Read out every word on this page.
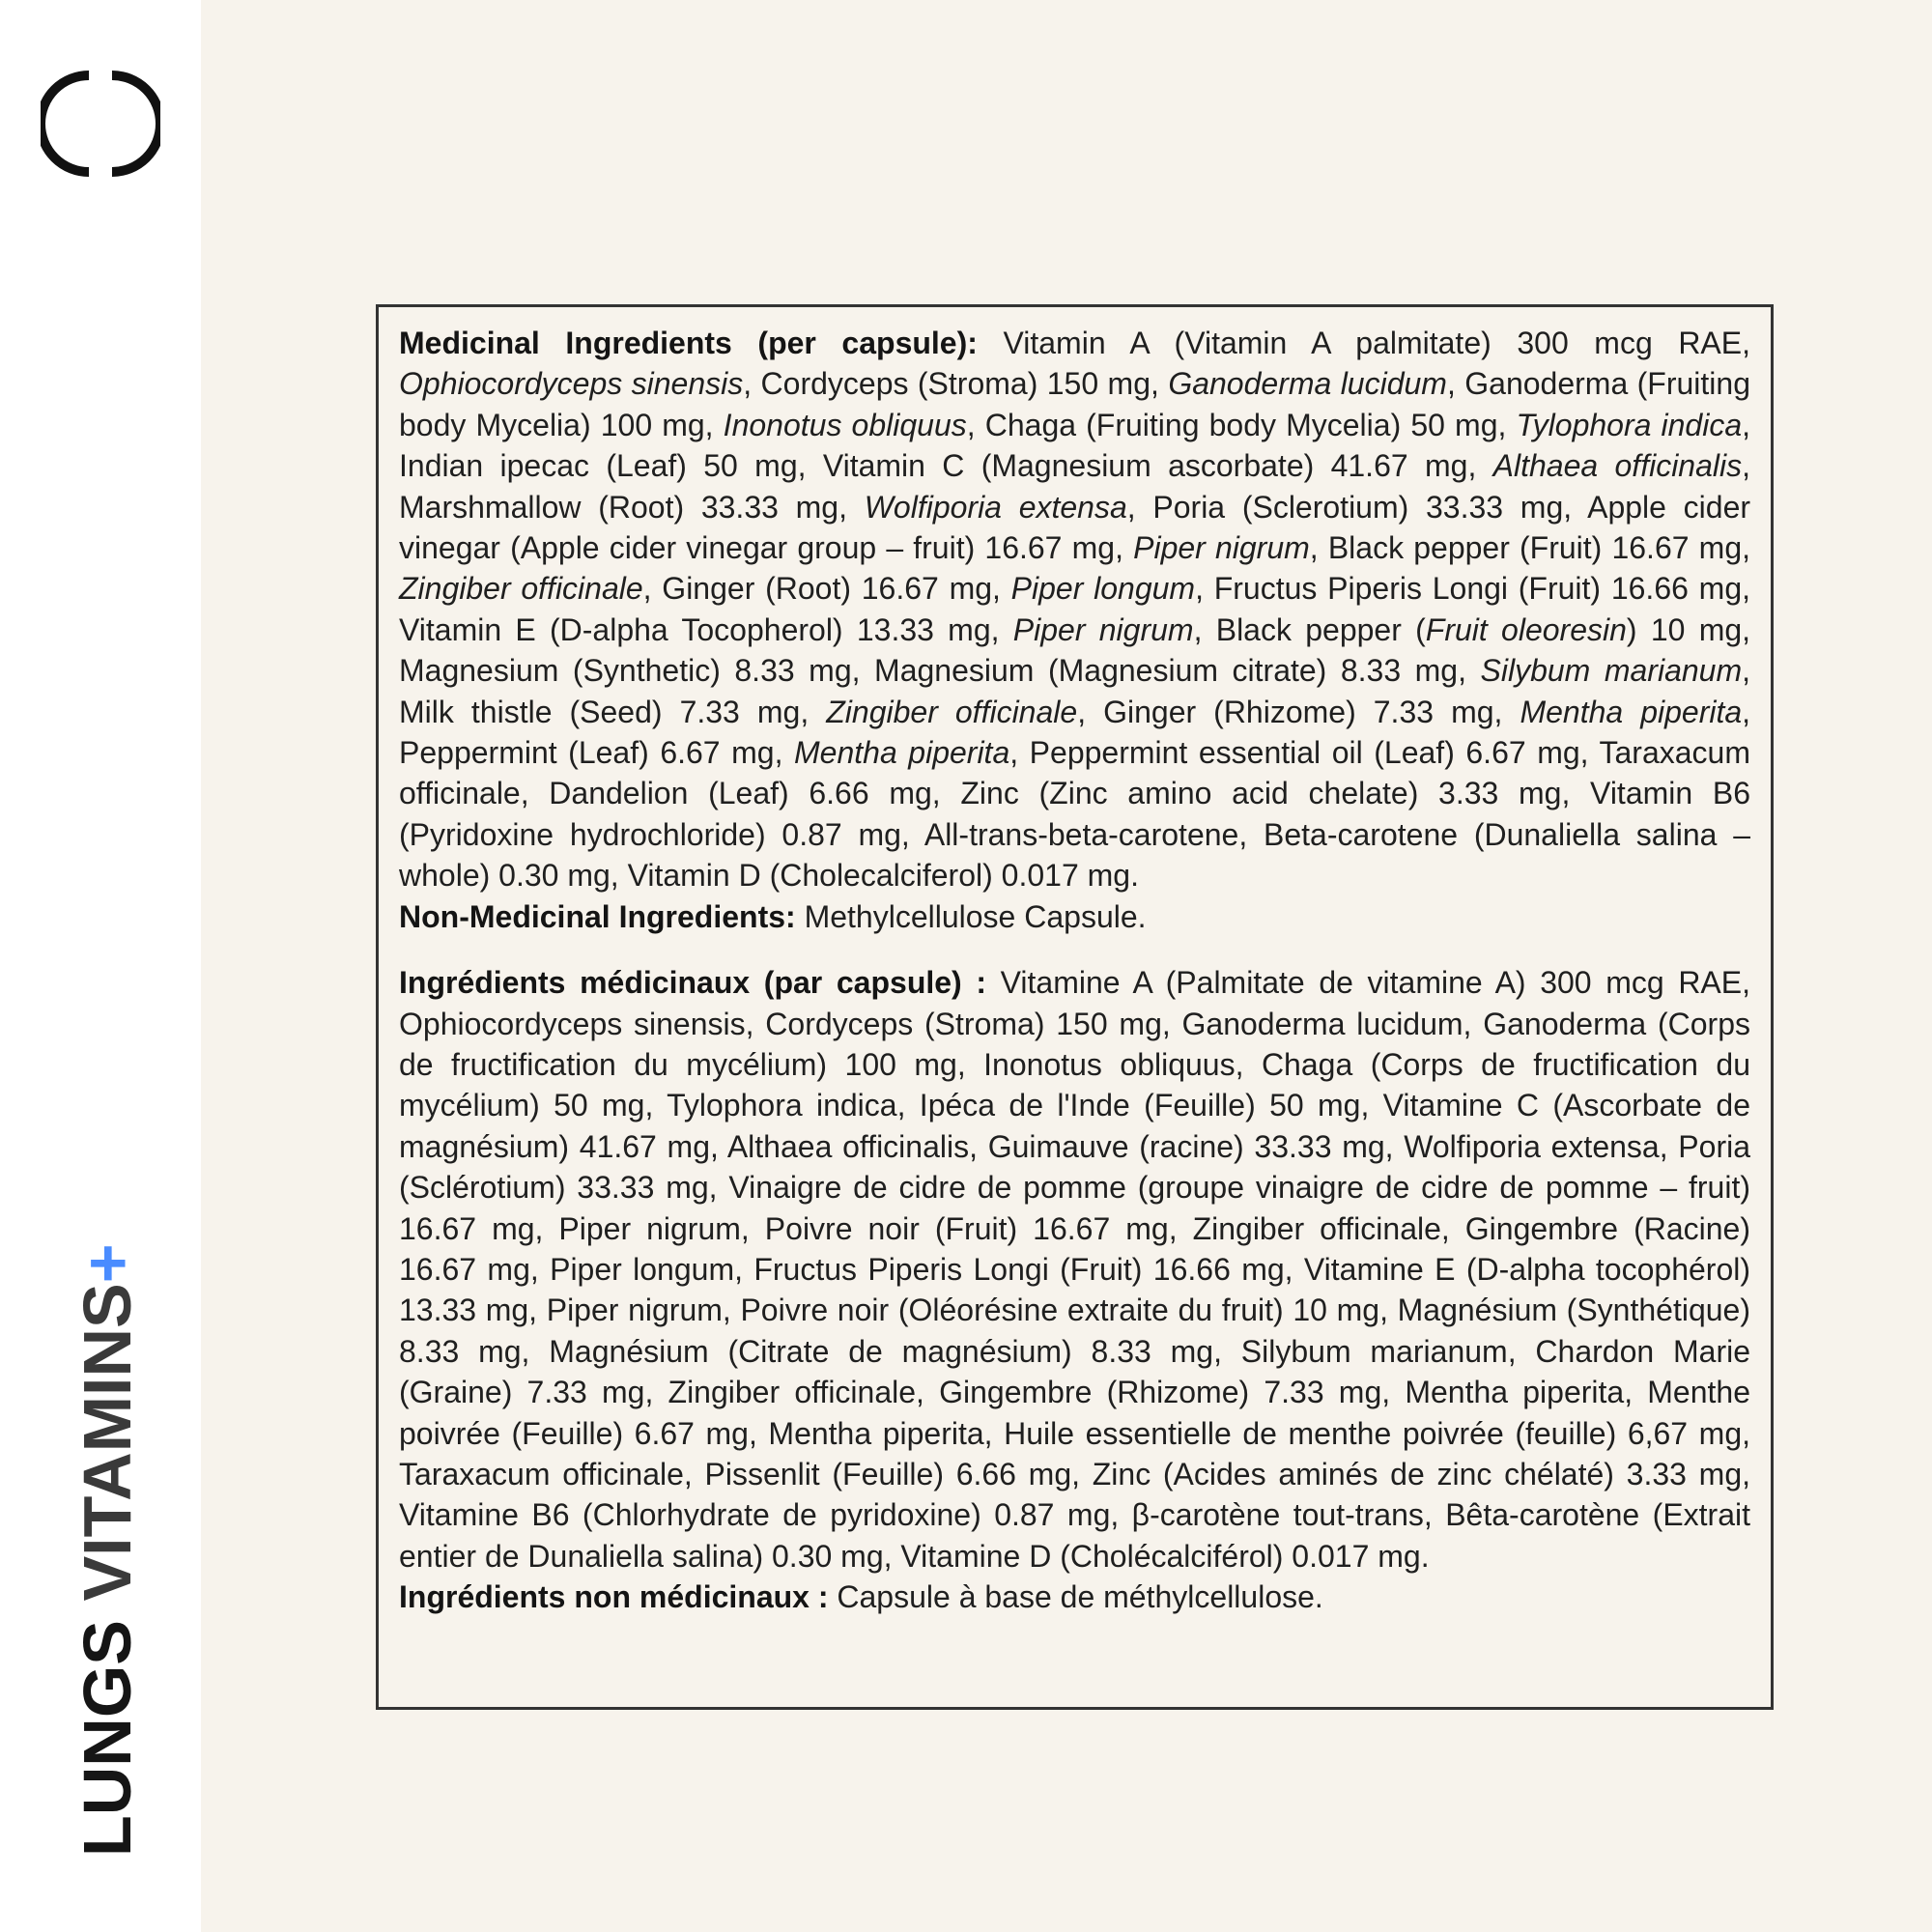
LUNGS VITAMINS+

Medicinal Ingredients (per capsule): Vitamin A (Vitamin A palmitate) 300 mcg RAE, Ophiocordyceps sinensis, Cordyceps (Stroma) 150 mg, Ganoderma lucidum, Ganoderma (Fruiting body Mycelia) 100 mg, Inonotus obliquus, Chaga (Fruiting body Mycelia) 50 mg, Tylophora indica, Indian ipecac (Leaf) 50 mg, Vitamin C (Magnesium ascorbate) 41.67 mg, Althaea officinalis, Marshmallow (Root) 33.33 mg, Wolfiporia extensa, Poria (Sclerotium) 33.33 mg, Apple cider vinegar (Apple cider vinegar group – fruit) 16.67 mg, Piper nigrum, Black pepper (Fruit) 16.67 mg, Zingiber officinale, Ginger (Root) 16.67 mg, Piper longum, Fructus Piperis Longi (Fruit) 16.66 mg, Vitamin E (D-alpha Tocopherol) 13.33 mg, Piper nigrum, Black pepper (Fruit oleoresin) 10 mg, Magnesium (Synthetic) 8.33 mg, Magnesium (Magnesium citrate) 8.33 mg, Silybum marianum, Milk thistle (Seed) 7.33 mg, Zingiber officinale, Ginger (Rhizome) 7.33 mg, Mentha piperita, Peppermint (Leaf) 6.67 mg, Mentha piperita, Peppermint essential oil (Leaf) 6.67 mg, Taraxacum officinale, Dandelion (Leaf) 6.66 mg, Zinc (Zinc amino acid chelate) 3.33 mg, Vitamin B6 (Pyridoxine hydrochloride) 0.87 mg, All-trans-beta-carotene, Beta-carotene (Dunaliella salina – whole) 0.30 mg, Vitamin D (Cholecalciferol) 0.017 mg.
Non-Medicinal Ingredients: Methylcellulose Capsule.

Ingrédients médicinaux (par capsule) : Vitamine A (Palmitate de vitamine A) 300 mcg RAE, Ophiocordyceps sinensis, Cordyceps (Stroma) 150 mg, Ganoderma lucidum, Ganoderma (Corps de fructification du mycélium) 100 mg, Inonotus obliquus, Chaga (Corps de fructification du mycélium) 50 mg, Tylophora indica, Ipéca de l'Inde (Feuille) 50 mg, Vitamine C (Ascorbate de magnésium) 41.67 mg, Althaea officinalis, Guimauve (racine) 33.33 mg, Wolfiporia extensa, Poria (Sclérotium) 33.33 mg, Vinaigre de cidre de pomme (groupe vinaigre de cidre de pomme – fruit) 16.67 mg, Piper nigrum, Poivre noir (Fruit) 16.67 mg, Zingiber officinale, Gingembre (Racine) 16.67 mg, Piper longum, Fructus Piperis Longi (Fruit) 16.66 mg, Vitamine E (D-alpha tocophérol) 13.33 mg, Piper nigrum, Poivre noir (Oléorésine extraite du fruit) 10 mg, Magnésium (Synthétique) 8.33 mg, Magnésium (Citrate de magnésium) 8.33 mg, Silybum marianum, Chardon Marie (Graine) 7.33 mg, Zingiber officinale, Gingembre (Rhizome) 7.33 mg, Mentha piperita, Menthe poivrée (Feuille) 6.67 mg, Mentha piperita, Huile essentielle de menthe poivrée (feuille) 6,67 mg, Taraxacum officinale, Pissenlit (Feuille) 6.66 mg, Zinc (Acides aminés de zinc chélaté) 3.33 mg, Vitamine B6 (Chlorhydrate de pyridoxine) 0.87 mg, β-carotène tout-trans, Bêta-carotène (Extrait entier de Dunaliella salina) 0.30 mg, Vitamine D (Cholécalciférol) 0.017 mg.
Ingrédients non médicinaux : Capsule à base de méthylcellulose.
